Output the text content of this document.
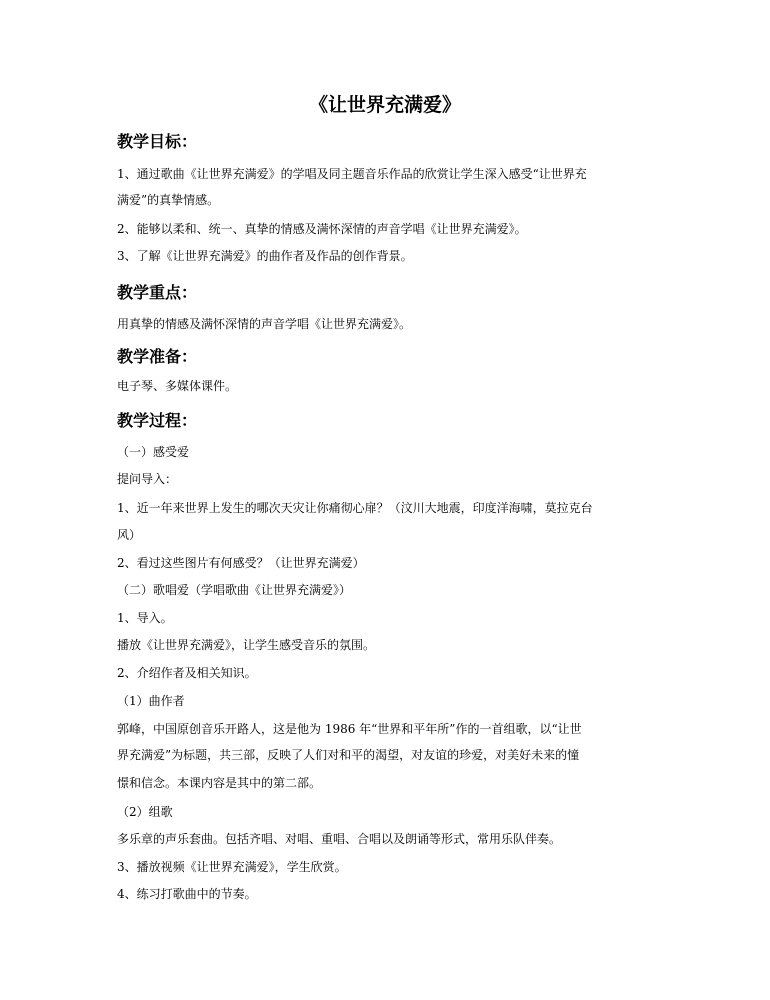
《让世界充满爱》
教学目标：
1、通过歌曲《让世界充满爱》的学唱及同主题音乐作品的欣赏让学生深入感受“让世界充
满爱”的真挚情感。
2、能够以柔和、统一、真挚的情感及满怀深情的声音学唱《让世界充满爱》。
3、了解《让世界充满爱》的曲作者及作品的创作背景。
教学重点：
用真挚的情感及满怀深情的声音学唱《让世界充满爱》。
教学准备：
电子琴、多媒体课件。
教学过程：
（一）感受爱
提问导入：
1、近一年来世界上发生的哪次天灾让你痛彻心扉？（汶川大地震，印度洋海啸，莫拉克台
风）
2、看过这些图片有何感受？（让世界充满爱）
（二）歌唱爱（学唱歌曲《让世界充满爱》）
1、导入。
播放《让世界充满爱》，让学生感受音乐的氛围。
2、介绍作者及相关知识。
（1）曲作者
郭峰，中国原创音乐开路人，这是他为 1986 年“世界和平年所”作的一首组歌，以“让世
界充满爱”为标题，共三部，反映了人们对和平的渴望，对友谊的珍爱，对美好未来的憧
憬和信念。本课内容是其中的第二部。
（2）组歌
多乐章的声乐套曲。包括齐唱、对唱、重唱、合唱以及朗诵等形式，常用乐队伴奏。
3、播放视频《让世界充满爱》，学生欣赏。
4、练习打歌曲中的节奏。
